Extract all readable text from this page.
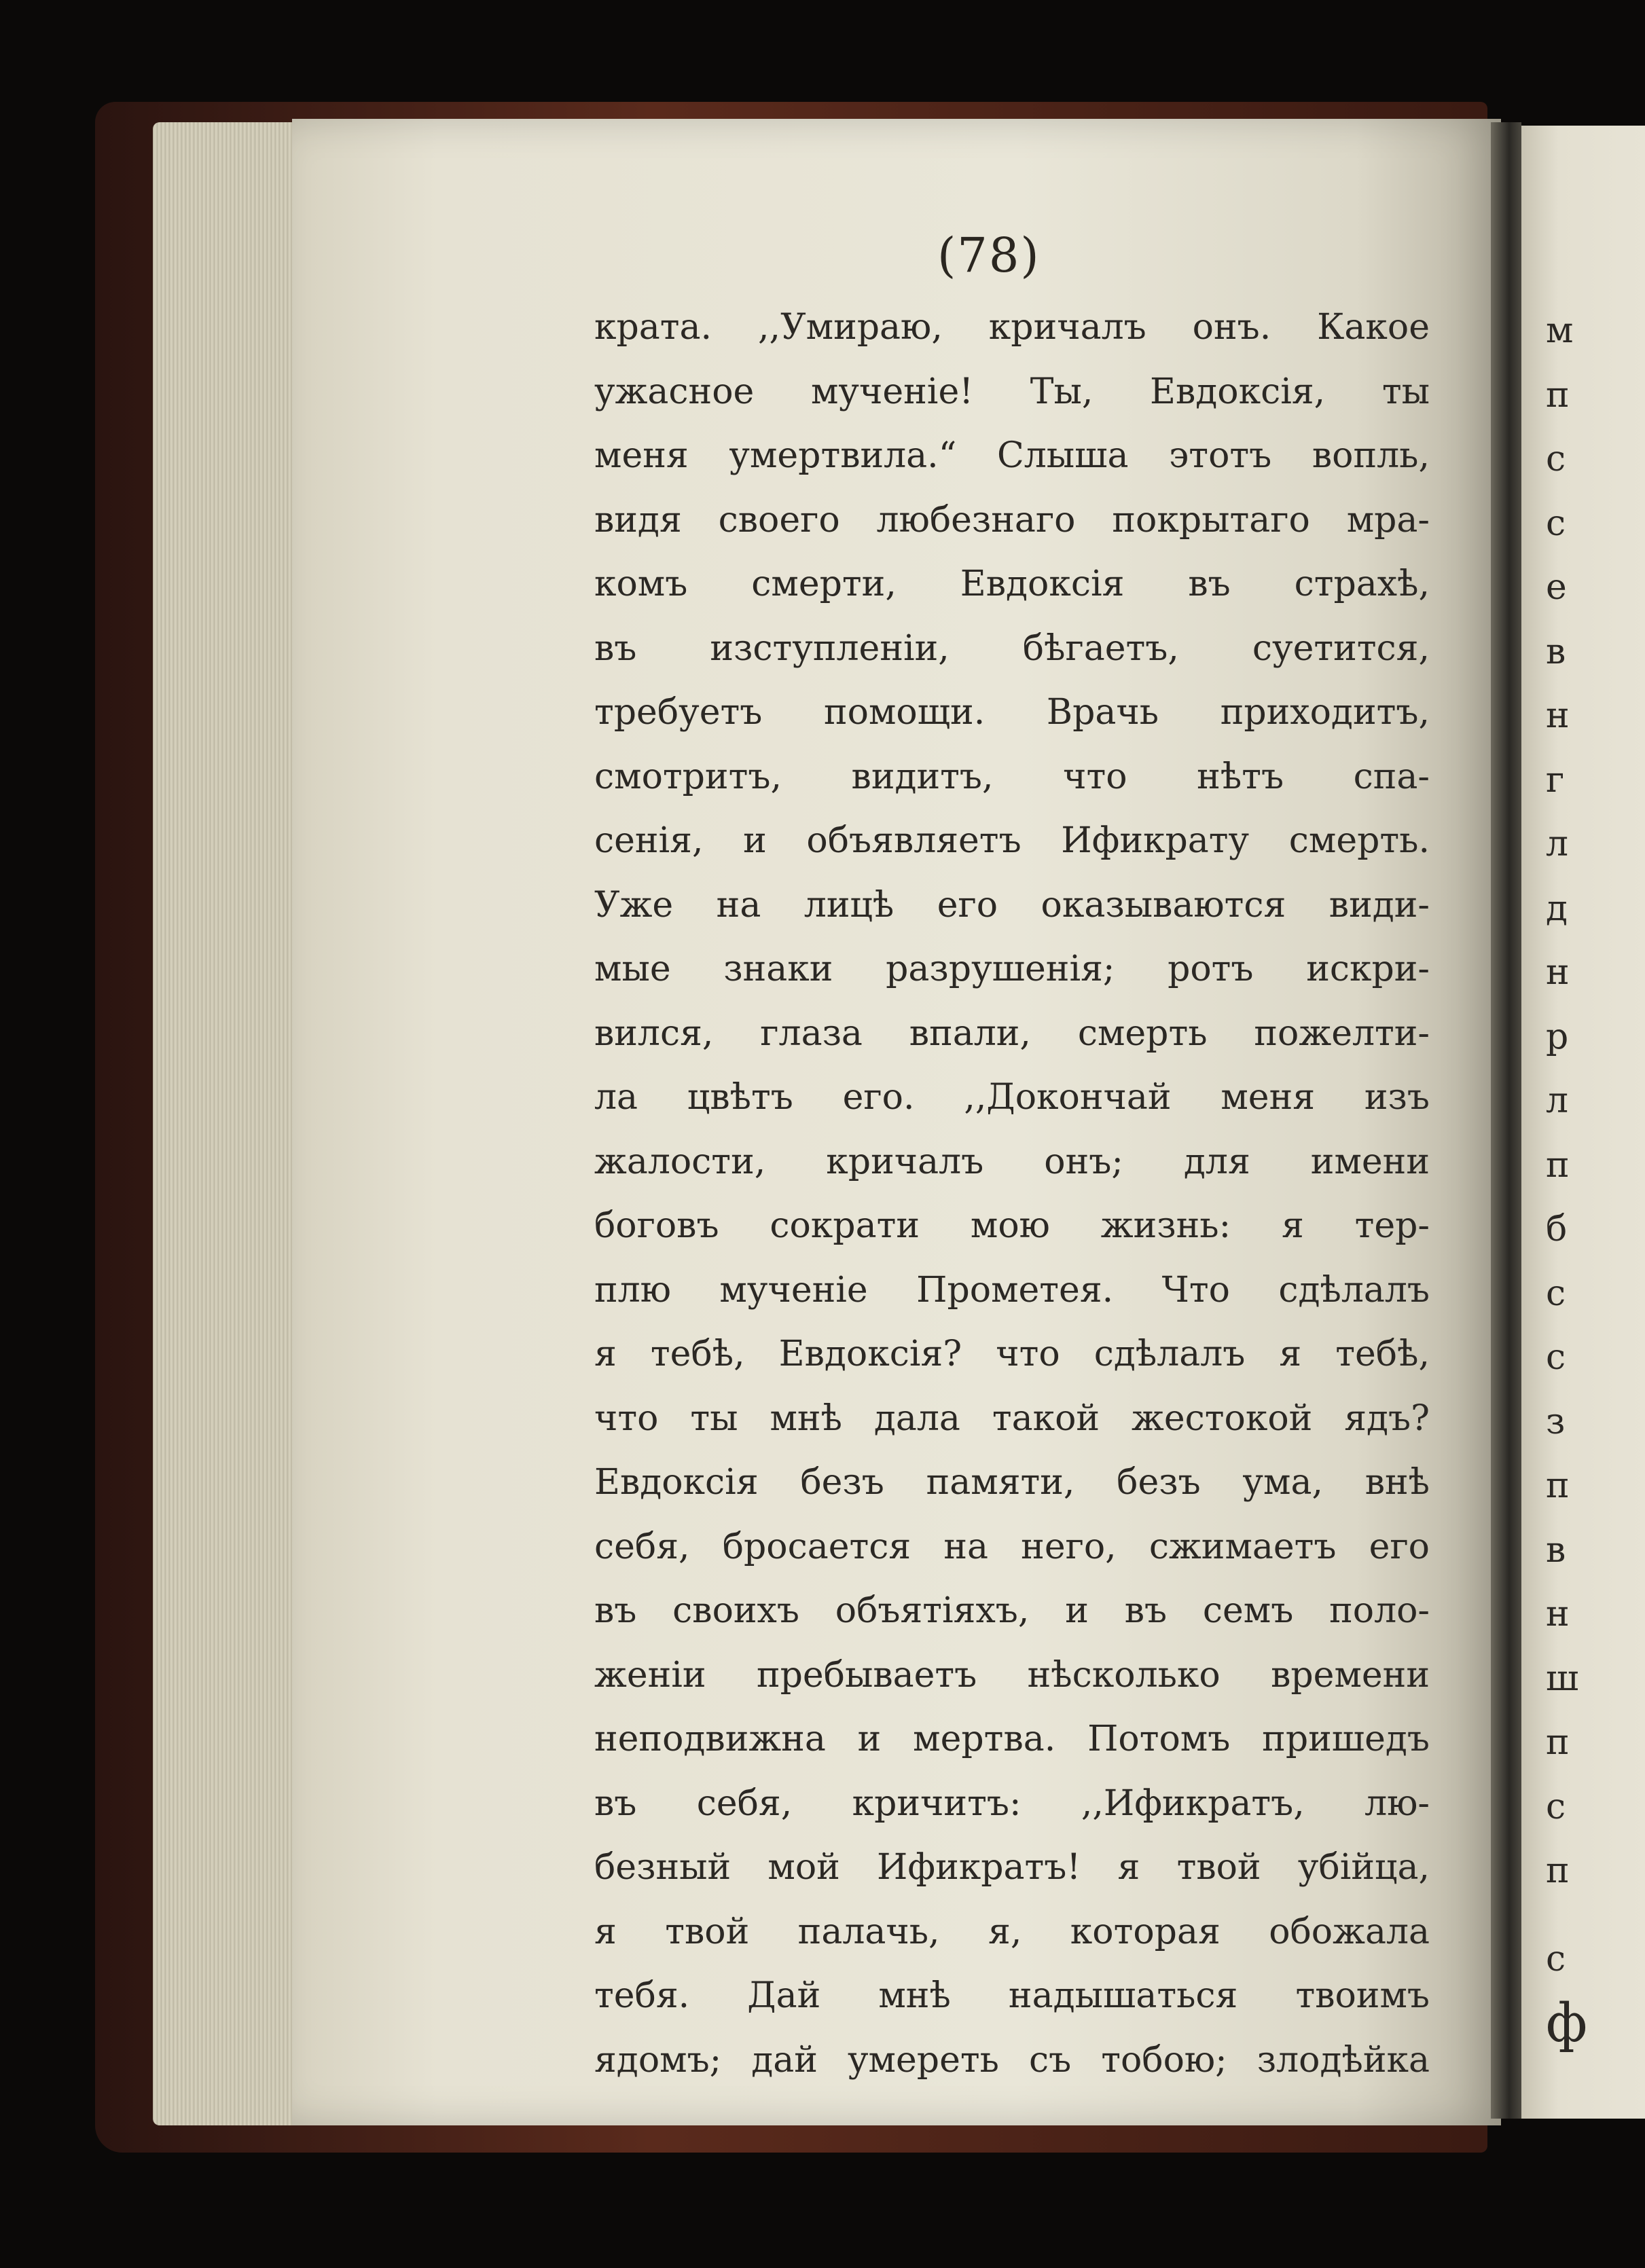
(78)
крата. ,,Умираю, кричалъ онъ. Какое
ужасное мученіе! Ты, Евдоксія, ты
меня умертвила.“ Слыша этотъ вопль,
видя своего любезнаго покрытаго мра-
комъ смерти, Евдоксія въ страхѣ,
въ изступленіи, бѣгаетъ, суетится,
требуетъ помощи. Врачь приходитъ,
смотритъ, видитъ, что нѣтъ спа-
сенія, и объявляетъ Ификрату смерть.
Уже на лицѣ его оказываются види-
мые знаки разрушенія; ротъ искри-
вился, глаза впали, смерть пожелти-
ла цвѣтъ его. ,,Докончай меня изъ
жалости, кричалъ онъ; для имени
боговъ сократи мою жизнь: я тер-
плю мученіе Прометея. Что сдѣлалъ
я тебѣ, Евдоксія? что сдѣлалъ я тебѣ,
что ты мнѣ дала такой жестокой ядъ?
Евдоксія безъ памяти, безъ ума, внѣ
себя, бросается на него, сжимаетъ его
въ своихъ объятіяхъ, и въ семъ поло-
женіи пребываетъ нѣсколько времени
неподвижна и мертва. Потомъ пришедъ
въ себя, кричитъ: ,,Ификратъ, лю-
безный мой Ификратъ! я твой убійца,
я твой палачь, я, которая обожала
тебя. Дай мнѣ надышаться твоимъ
ядомъ; дай умереть съ тобою; злодѣйка
м
п
с
с
е
в
н
г
л
д
н
р
л
п
б
с
с
з
п
в
н
ш
п
с
п
с
ф
